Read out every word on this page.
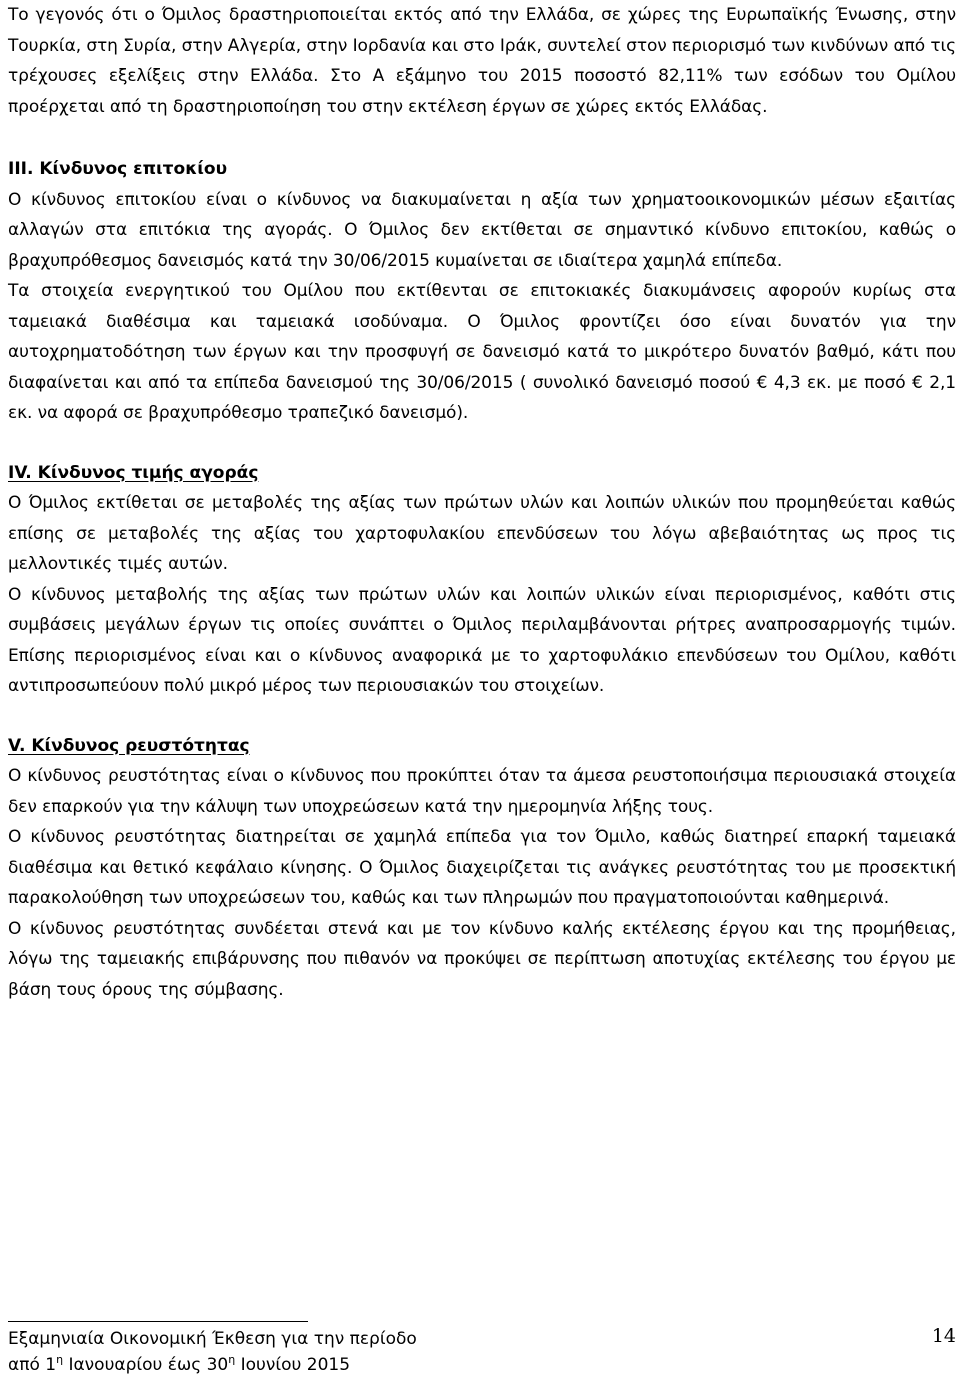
Το γεγονός ότι ο Όμιλος δραστηριοποιείται εκτός από την Ελλάδα, σε χώρες της Ευρωπαϊκής Ένωσης, στην Τουρκία, στη Συρία, στην Αλγερία, στην Ιορδανία και στο Ιράκ, συντελεί στον περιορισμό των κινδύνων από τις τρέχουσες εξελίξεις στην Ελλάδα. Στο Α εξάμηνο του 2015 ποσοστό 82,11% των εσόδων του Ομίλου προέρχεται από τη δραστηριοποίηση του στην εκτέλεση έργων σε χώρες εκτός Ελλάδας.

III. Κίνδυνος επιτοκίου

Ο κίνδυνος επιτοκίου είναι ο κίνδυνος να διακυμαίνεται η αξία των χρηματοοικονομικών μέσων εξαιτίας αλλαγών στα επιτόκια της αγοράς. Ο Όμιλος δεν εκτίθεται σε σημαντικό κίνδυνο επιτοκίου, καθώς ο βραχυπρόθεσμος δανεισμός κατά την 30/06/2015 κυμαίνεται σε ιδιαίτερα χαμηλά επίπεδα.

Τα στοιχεία ενεργητικού του Ομίλου που εκτίθενται σε επιτοκιακές διακυμάνσεις αφορούν κυρίως στα ταμειακά διαθέσιμα και ταμειακά ισοδύναμα. Ο Όμιλος φροντίζει όσο είναι δυνατόν για την αυτοχρηματοδότηση των έργων και την προσφυγή σε δανεισμό κατά το μικρότερο δυνατόν βαθμό, κάτι που διαφαίνεται και από τα επίπεδα δανεισμού της 30/06/2015 ( συνολικό δανεισμό ποσού € 4,3 εκ. με ποσό € 2,1 εκ. να αφορά σε βραχυπρόθεσμο τραπεζικό δανεισμό).

IV. Κίνδυνος τιμής αγοράς

Ο Όμιλος εκτίθεται σε μεταβολές της αξίας των πρώτων υλών και λοιπών υλικών που προμηθεύεται καθώς επίσης σε μεταβολές της αξίας του χαρτοφυλακίου επενδύσεων του λόγω αβεβαιότητας ως προς τις μελλοντικές τιμές αυτών.

Ο κίνδυνος μεταβολής της αξίας των πρώτων υλών και λοιπών υλικών είναι περιορισμένος, καθότι στις συμβάσεις μεγάλων έργων τις οποίες συνάπτει ο Όμιλος περιλαμβάνονται ρήτρες αναπροσαρμογής τιμών. Επίσης περιορισμένος είναι και ο κίνδυνος αναφορικά με το χαρτοφυλάκιο επενδύσεων του Ομίλου, καθότι αντιπροσωπεύουν πολύ μικρό μέρος των περιουσιακών του στοιχείων.

V. Κίνδυνος ρευστότητας

Ο κίνδυνος ρευστότητας είναι ο κίνδυνος που προκύπτει όταν τα άμεσα ρευστοποιήσιμα περιουσιακά στοιχεία δεν επαρκούν για την κάλυψη των υποχρεώσεων κατά την ημερομηνία λήξης τους.

Ο κίνδυνος ρευστότητας διατηρείται σε χαμηλά επίπεδα για τον Όμιλο, καθώς διατηρεί επαρκή ταμειακά διαθέσιμα και θετικό κεφάλαιο κίνησης. Ο Όμιλος διαχειρίζεται τις ανάγκες ρευστότητας του με προσεκτική παρακολούθηση των υποχρεώσεων του, καθώς και των πληρωμών που πραγματοποιούνται καθημερινά.

Ο κίνδυνος ρευστότητας συνδέεται στενά και με τον κίνδυνο καλής εκτέλεσης έργου και της προμήθειας, λόγω της ταμειακής επιβάρυνσης που πιθανόν να προκύψει σε περίπτωση αποτυχίας εκτέλεσης του έργου με βάση τους όρους της σύμβασης.

Εξαμηνιαία Οικονομική Έκθεση για την περίοδο

από $1^\eta$ Ιανουαρίου έως $30^\eta$ Ιουνίου 2015

14
